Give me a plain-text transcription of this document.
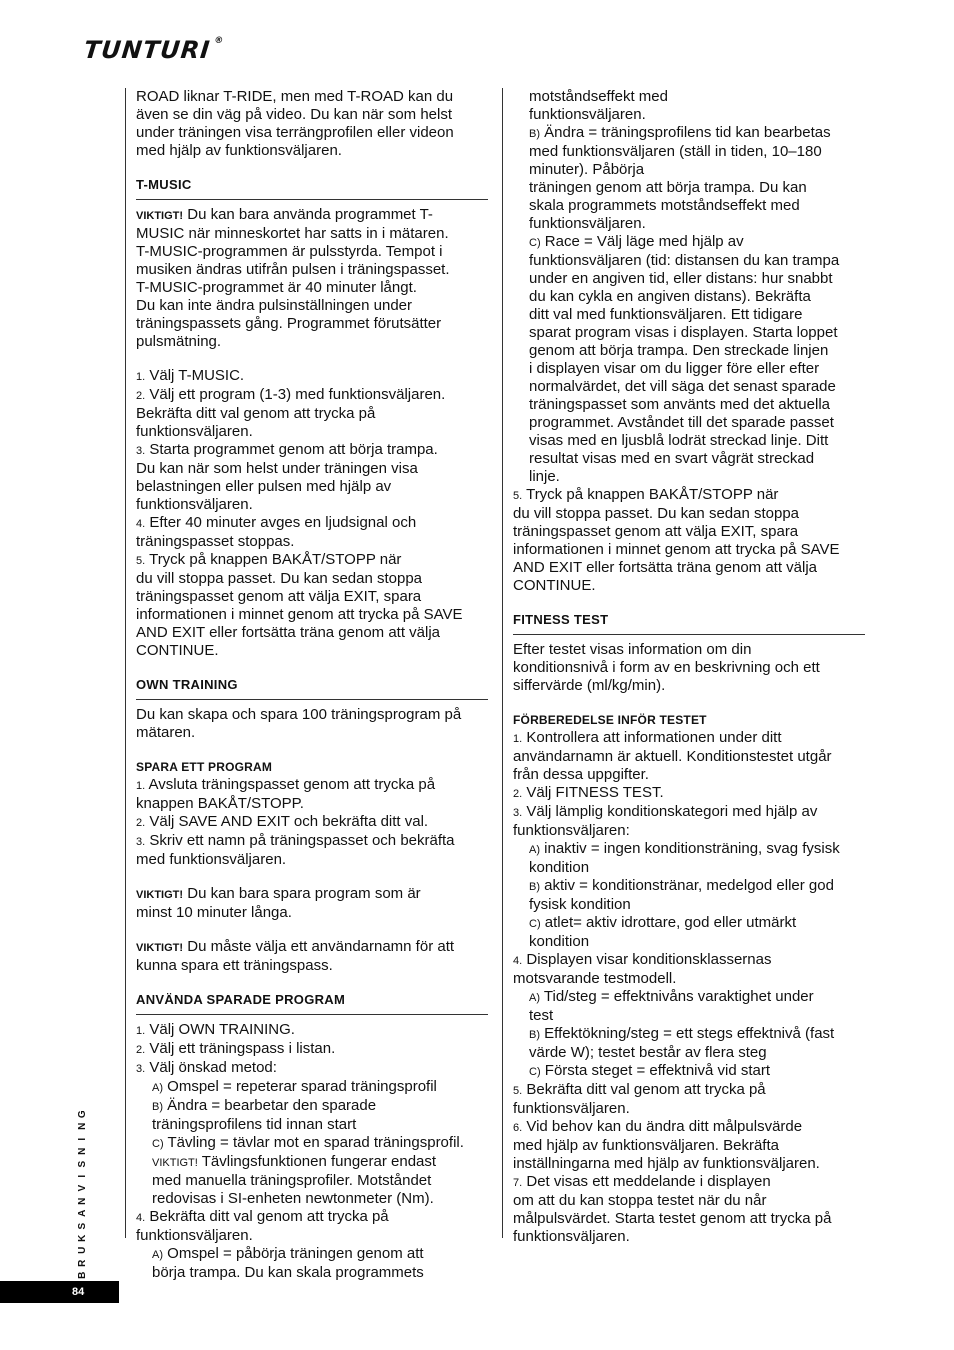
TUNTURI ®

ROAD liknar T-RIDE, men med T-ROAD kan du
även se din väg på video. Du kan när som helst
under träningen visa terrängprofilen eller videon
med hjälp av funktionsväljaren.

T-MUSIC

VIKTIGT! Du kan bara använda programmet T-
MUSIC när minneskortet har satts in i mätaren.
T-MUSIC-programmen är pulsstyrda. Tempot i
musiken ändras utifrån pulsen i träningspasset.
T-MUSIC-programmet är 40 minuter långt.
Du kan inte ändra pulsinställningen under
träningspassets gång. Programmet förutsätter
pulsmätning.

1. Välj T-MUSIC.
2. Välj ett program (1-3) med funktionsväljaren.
Bekräfta ditt val genom att trycka på
funktionsväljaren.
3. Starta programmet genom att börja trampa.
Du kan när som helst under träningen visa
belastningen eller pulsen med hjälp av
funktionsväljaren.
4. Efter 40 minuter avges en ljudsignal och
träningspasset stoppas.
5. Tryck på knappen BAKÅT/STOPP när
du vill stoppa passet. Du kan sedan stoppa
träningspasset genom att välja EXIT, spara
informationen i minnet genom att trycka på SAVE
AND EXIT eller fortsätta träna genom att välja
CONTINUE.

OWN TRAINING

Du kan skapa och spara 100 träningsprogram på
mätaren.

SPARA ETT PROGRAM

1. Avsluta träningspasset genom att trycka på
knappen BAKÅT/STOPP.
2. Välj SAVE AND EXIT och bekräfta ditt val.
3. Skriv ett namn på träningspasset och bekräfta
med funktionsväljaren.

VIKTIGT! Du kan bara spara program som är
minst 10 minuter långa.

VIKTIGT! Du måste välja ett användarnamn för att
kunna spara ett träningspass.

ANVÄNDA SPARADE PROGRAM

1. Välj OWN TRAINING.
2. Välj ett träningspass i listan.
3. Välj önskad metod:

A) Omspel = repeterar sparad träningsprofil
B) Ändra = bearbetar den sparade
träningsprofilens tid innan start
C) Tävling = tävlar mot en sparad träningsprofil.
VIKTIGT! Tävlingsfunktionen fungerar endast
med manuella träningsprofiler. Motståndet
redovisas i SI-enheten newtonmeter (Nm).

4. Bekräfta ditt val genom att trycka på
funktionsväljaren.

A) Omspel = påbörja träningen genom att
börja trampa. Du kan skala programmets
motståndseffekt med
funktionsväljaren.
B) Ändra = träningsprofilens tid kan bearbetas
med funktionsväljaren (ställ in tiden, 10–180
minuter). Påbörja
träningen genom att börja trampa. Du kan
skala programmets motståndseffekt med
funktionsväljaren.
C) Race = Välj läge med hjälp av
funktionsväljaren (tid: distansen du kan trampa
under en angiven tid, eller distans: hur snabbt
du kan cykla en angiven distans). Bekräfta
ditt val med funktionsväljaren. Ett tidigare
sparat program visas i displayen. Starta loppet
genom att börja trampa. Den streckade linjen
i displayen visar om du ligger före eller efter
normalvärdet, det vill säga det senast sparade
träningspasset som använts med det aktuella
programmet. Avståndet till det sparade passet
visas med en ljusblå lodrät streckad linje. Ditt
resultat visas med en svart vågrät streckad
linje.

5. Tryck på knappen BAKÅT/STOPP när
du vill stoppa passet. Du kan sedan stoppa
träningspasset genom att välja EXIT, spara
informationen i minnet genom att trycka på SAVE
AND EXIT eller fortsätta träna genom att välja
CONTINUE.

FITNESS TEST

Efter testet visas information om din
konditionsnivå i form av en beskrivning och ett
siffervärde (ml/kg/min).

FÖRBEREDELSE INFÖR TESTET

1. Kontrollera att informationen under ditt
användarnamn är aktuell. Konditionstestet utgår
från dessa uppgifter.
2. Välj FITNESS TEST.
3. Välj lämplig konditionskategori med hjälp av
funktionsväljaren:

A) inaktiv = ingen konditionsträning, svag fysisk
kondition
B) aktiv = konditionstränar, medelgod eller god
fysisk kondition
C) atlet= aktiv idrottare, god eller utmärkt
kondition

4. Displayen visar konditionsklassernas
motsvarande testmodell.

A) Tid/steg = effektnivåns varaktighet under
test
B) Effektökning/steg = ett stegs effektnivå (fast
värde W); testet består av flera steg
C) Första steget = effektnivå vid start

5. Bekräfta ditt val genom att trycka på
funktionsväljaren.
6. Vid behov kan du ändra ditt målpulsvärde
med hjälp av funktionsväljaren. Bekräfta
inställningarna med hjälp av funktionsväljaren.
7. Det visas ett meddelande i displayen
om att du kan stoppa testet när du når
målpulsvärdet. Starta testet genom att trycka på
funktionsväljaren.

G
N
I
N
S
I
V
N
A
S
K
U
R
B
84
